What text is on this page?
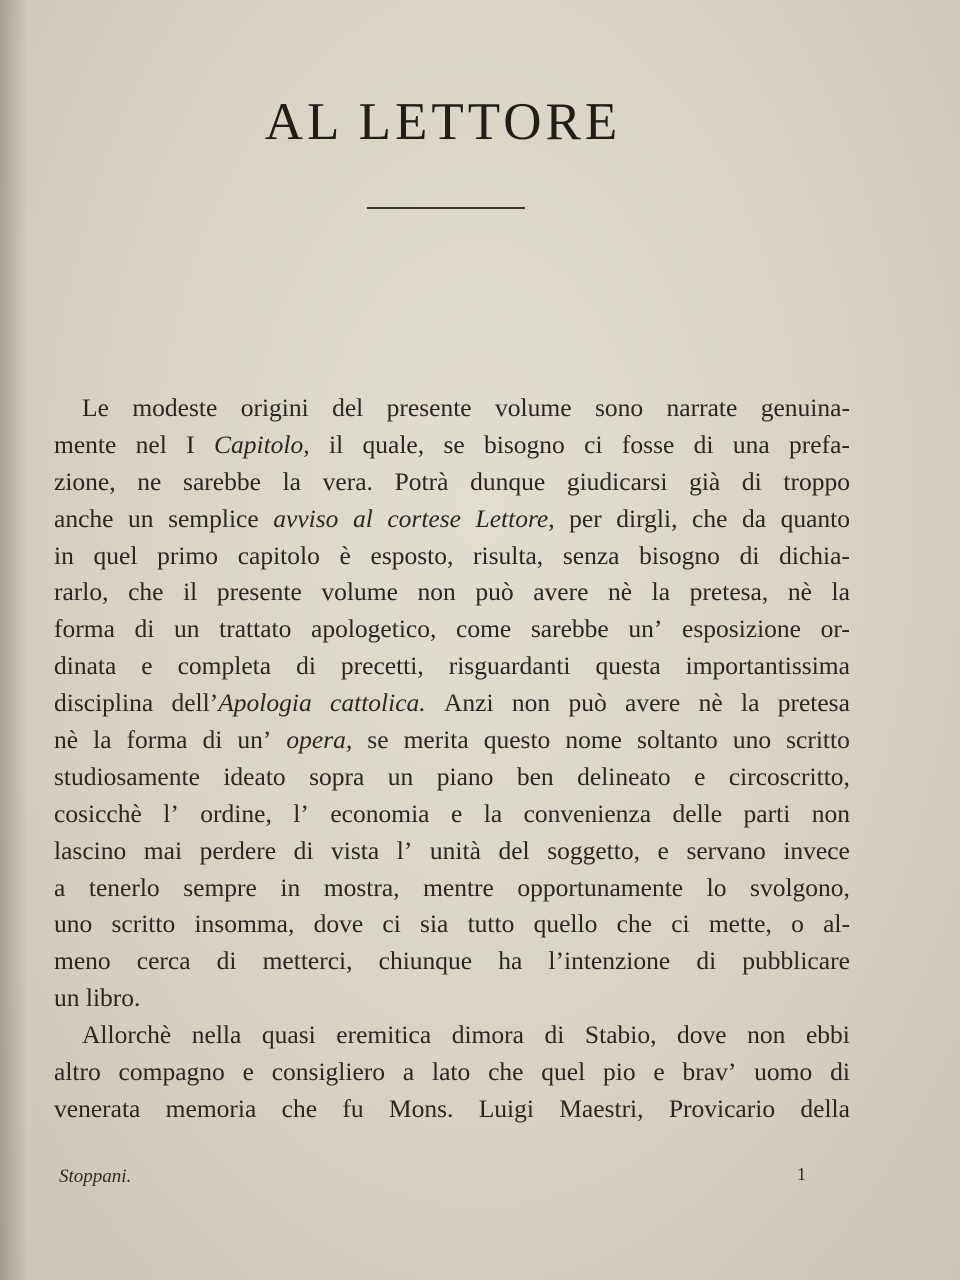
AL LETTORE
Le modeste origini del presente volume sono narrate genuina-
mente nel I Capitolo, il quale, se bisogno ci fosse di una prefa-
zione, ne sarebbe la vera. Potrà dunque giudicarsi già di troppo
anche un semplice avviso al cortese Lettore, per dirgli, che da quanto
in quel primo capitolo è esposto, risulta, senza bisogno di dichia-
rarlo, che il presente volume non può avere nè la pretesa, nè la
forma di un trattato apologetico, come sarebbe un’ esposizione or-
dinata e completa di precetti, risguardanti questa importantissima
disciplina dell’Apologia cattolica. Anzi non può avere nè la pretesa
nè la forma di un’ opera, se merita questo nome soltanto uno scritto
studiosamente ideato sopra un piano ben delineato e circoscritto,
cosicchè l’ ordine, l’ economia e la convenienza delle parti non
lascino mai perdere di vista l’ unità del soggetto, e servano invece
a tenerlo sempre in mostra, mentre opportunamente lo svolgono,
uno scritto insomma, dove ci sia tutto quello che ci mette, o al-
meno cerca di metterci, chiunque ha l’intenzione di pubblicare
un
libro.

Allorchè nella quasi eremitica dimora di Stabio, dove non ebbi
altro compagno e consigliero a lato che quel pio e brav’ uomo di
venerata memoria che fu Mons. Luigi Maestri, Provicario della
Stoppani.	1
